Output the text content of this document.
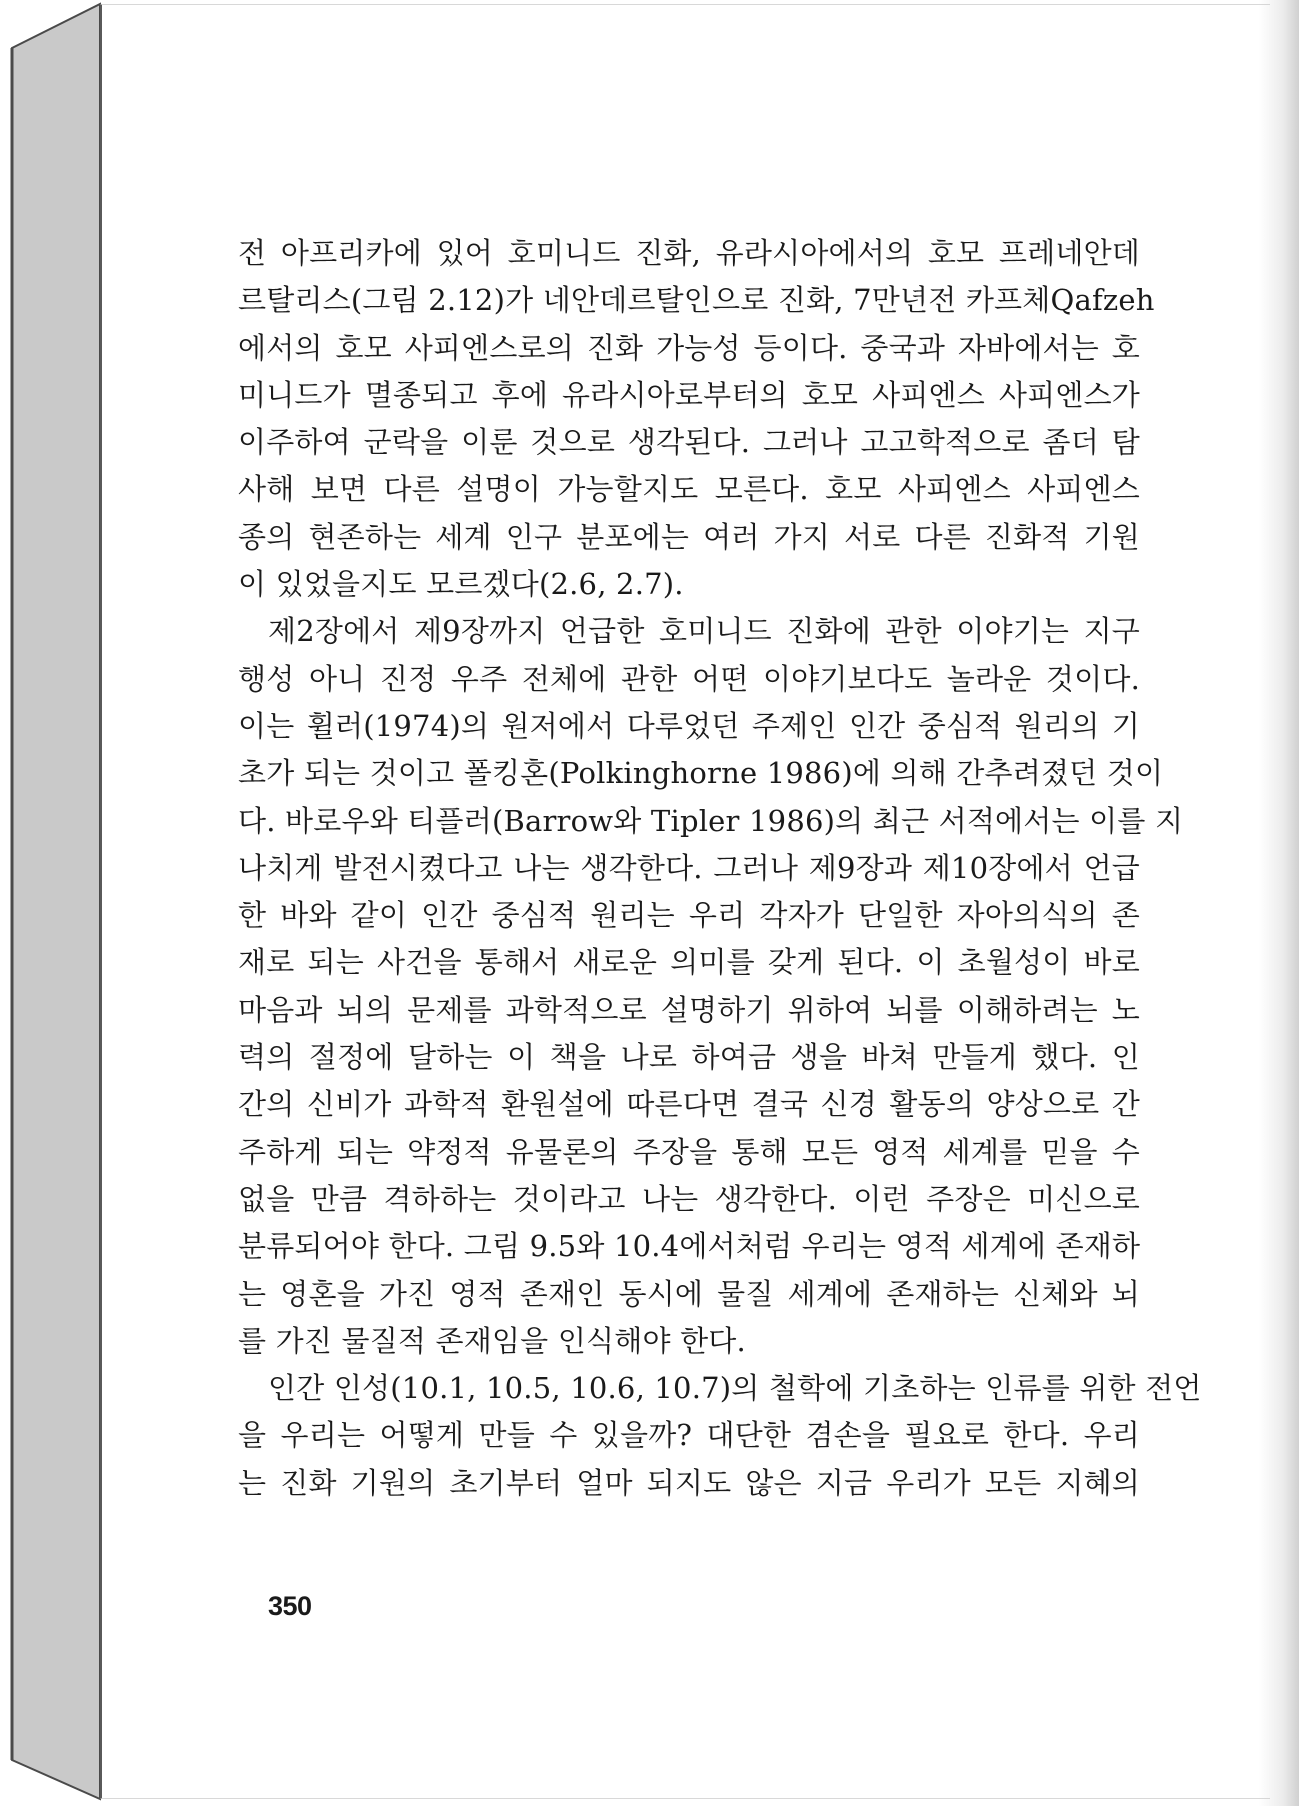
전 아프리카에 있어 호미니드 진화, 유라시아에서의 호모 프레네안데
르탈리스(그림 2.12)가 네안데르탈인으로 진화, 7만년전 카프체Qafzeh
에서의 호모 사피엔스로의 진화 가능성 등이다. 중국과 자바에서는 호
미니드가 멸종되고 후에 유라시아로부터의 호모 사피엔스 사피엔스가
이주하여 군락을 이룬 것으로 생각된다. 그러나 고고학적으로 좀더 탐
사해 보면 다른 설명이 가능할지도 모른다. 호모 사피엔스 사피엔스
종의 현존하는 세계 인구 분포에는 여러 가지 서로 다른 진화적 기원
이 있었을지도 모르겠다(2.6, 2.7).
제2장에서 제9장까지 언급한 호미니드 진화에 관한 이야기는 지구
행성 아니 진정 우주 전체에 관한 어떤 이야기보다도 놀라운 것이다.
이는 휠러(1974)의 원저에서 다루었던 주제인 인간 중심적 원리의 기
초가 되는 것이고 폴킹혼(Polkinghorne 1986)에 의해 간추려졌던 것이
다. 바로우와 티플러(Barrow와 Tipler 1986)의 최근 서적에서는 이를 지
나치게 발전시켰다고 나는 생각한다. 그러나 제9장과 제10장에서 언급
한 바와 같이 인간 중심적 원리는 우리 각자가 단일한 자아의식의 존
재로 되는 사건을 통해서 새로운 의미를 갖게 된다. 이 초월성이 바로
마음과 뇌의 문제를 과학적으로 설명하기 위하여 뇌를 이해하려는 노
력의 절정에 달하는 이 책을 나로 하여금 생을 바쳐 만들게 했다. 인
간의 신비가 과학적 환원설에 따른다면 결국 신경 활동의 양상으로 간
주하게 되는 약정적 유물론의 주장을 통해 모든 영적 세계를 믿을 수
없을 만큼 격하하는 것이라고 나는 생각한다. 이런 주장은 미신으로
분류되어야 한다. 그림 9.5와 10.4에서처럼 우리는 영적 세계에 존재하
는 영혼을 가진 영적 존재인 동시에 물질 세계에 존재하는 신체와 뇌
를 가진 물질적 존재임을 인식해야 한다.
인간 인성(10.1, 10.5, 10.6, 10.7)의 철학에 기초하는 인류를 위한 전언
을 우리는 어떻게 만들 수 있을까? 대단한 겸손을 필요로 한다. 우리
는 진화 기원의 초기부터 얼마 되지도 않은 지금 우리가 모든 지혜의
350
